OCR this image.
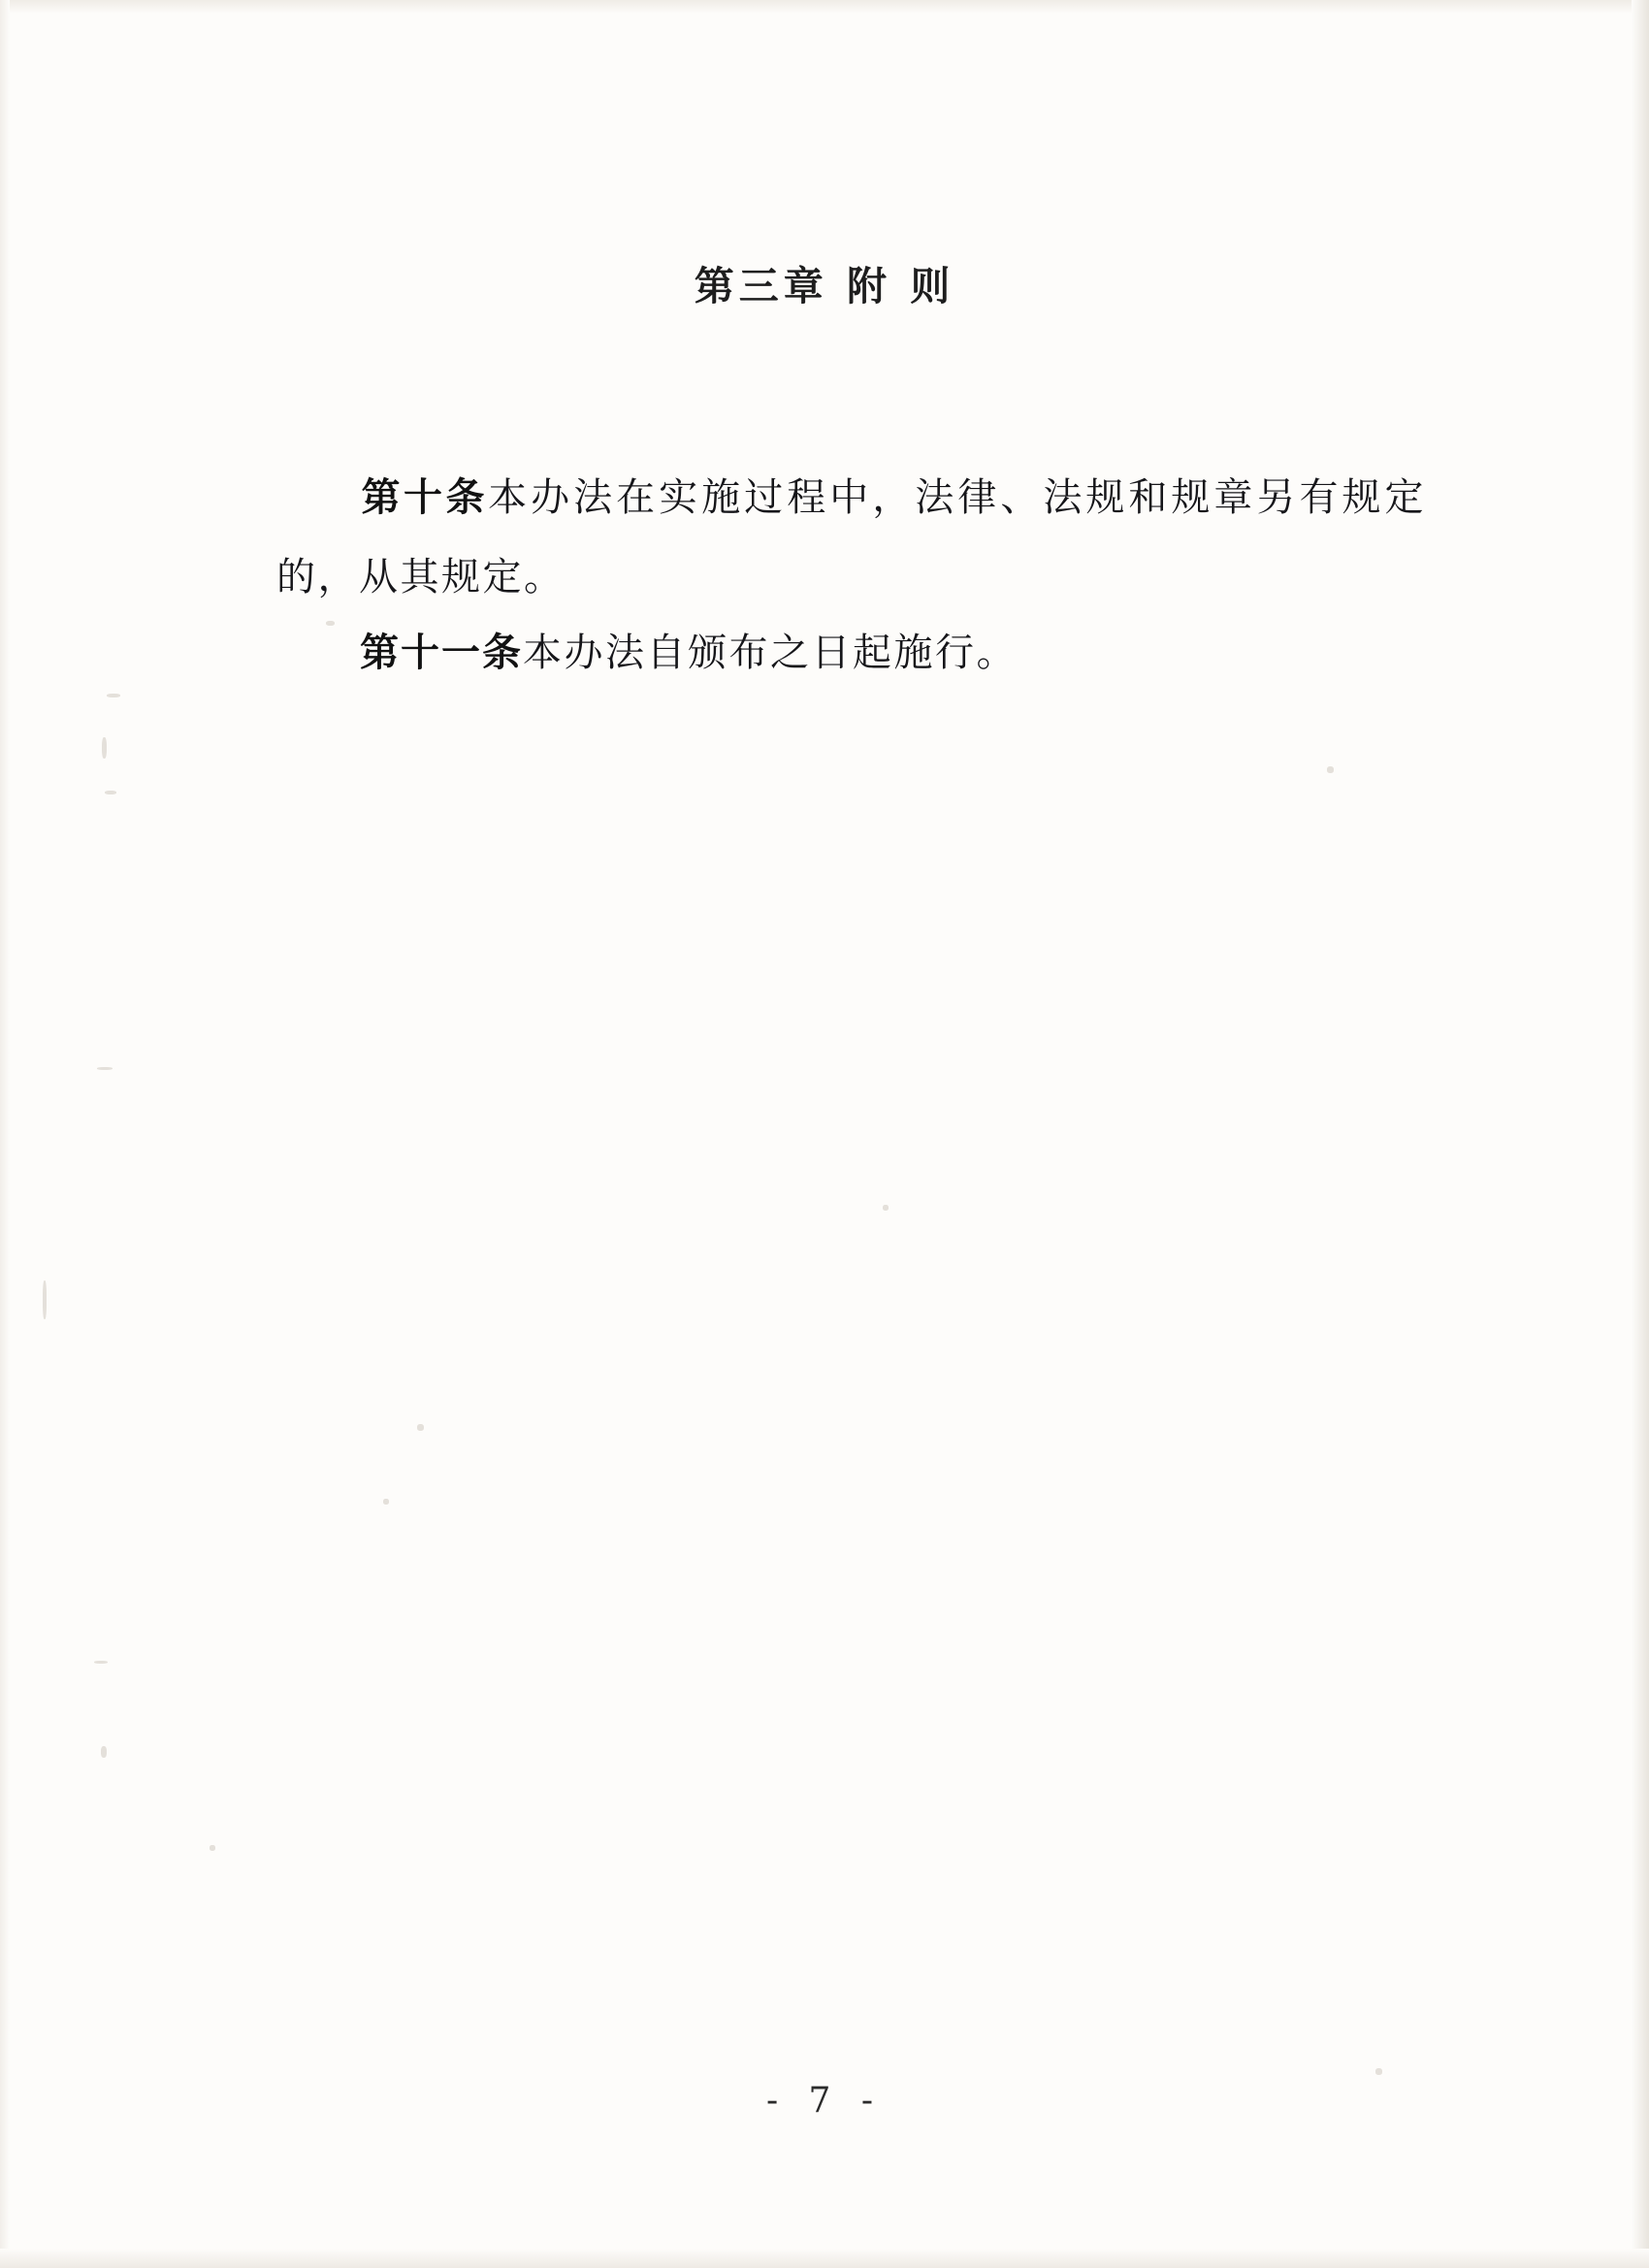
第三章 附 则

第十条本办法在实施过程中，法律、法规和规章另有规定的，从其规定。

第十一条本办法自颁布之日起施行。

- 7 -
